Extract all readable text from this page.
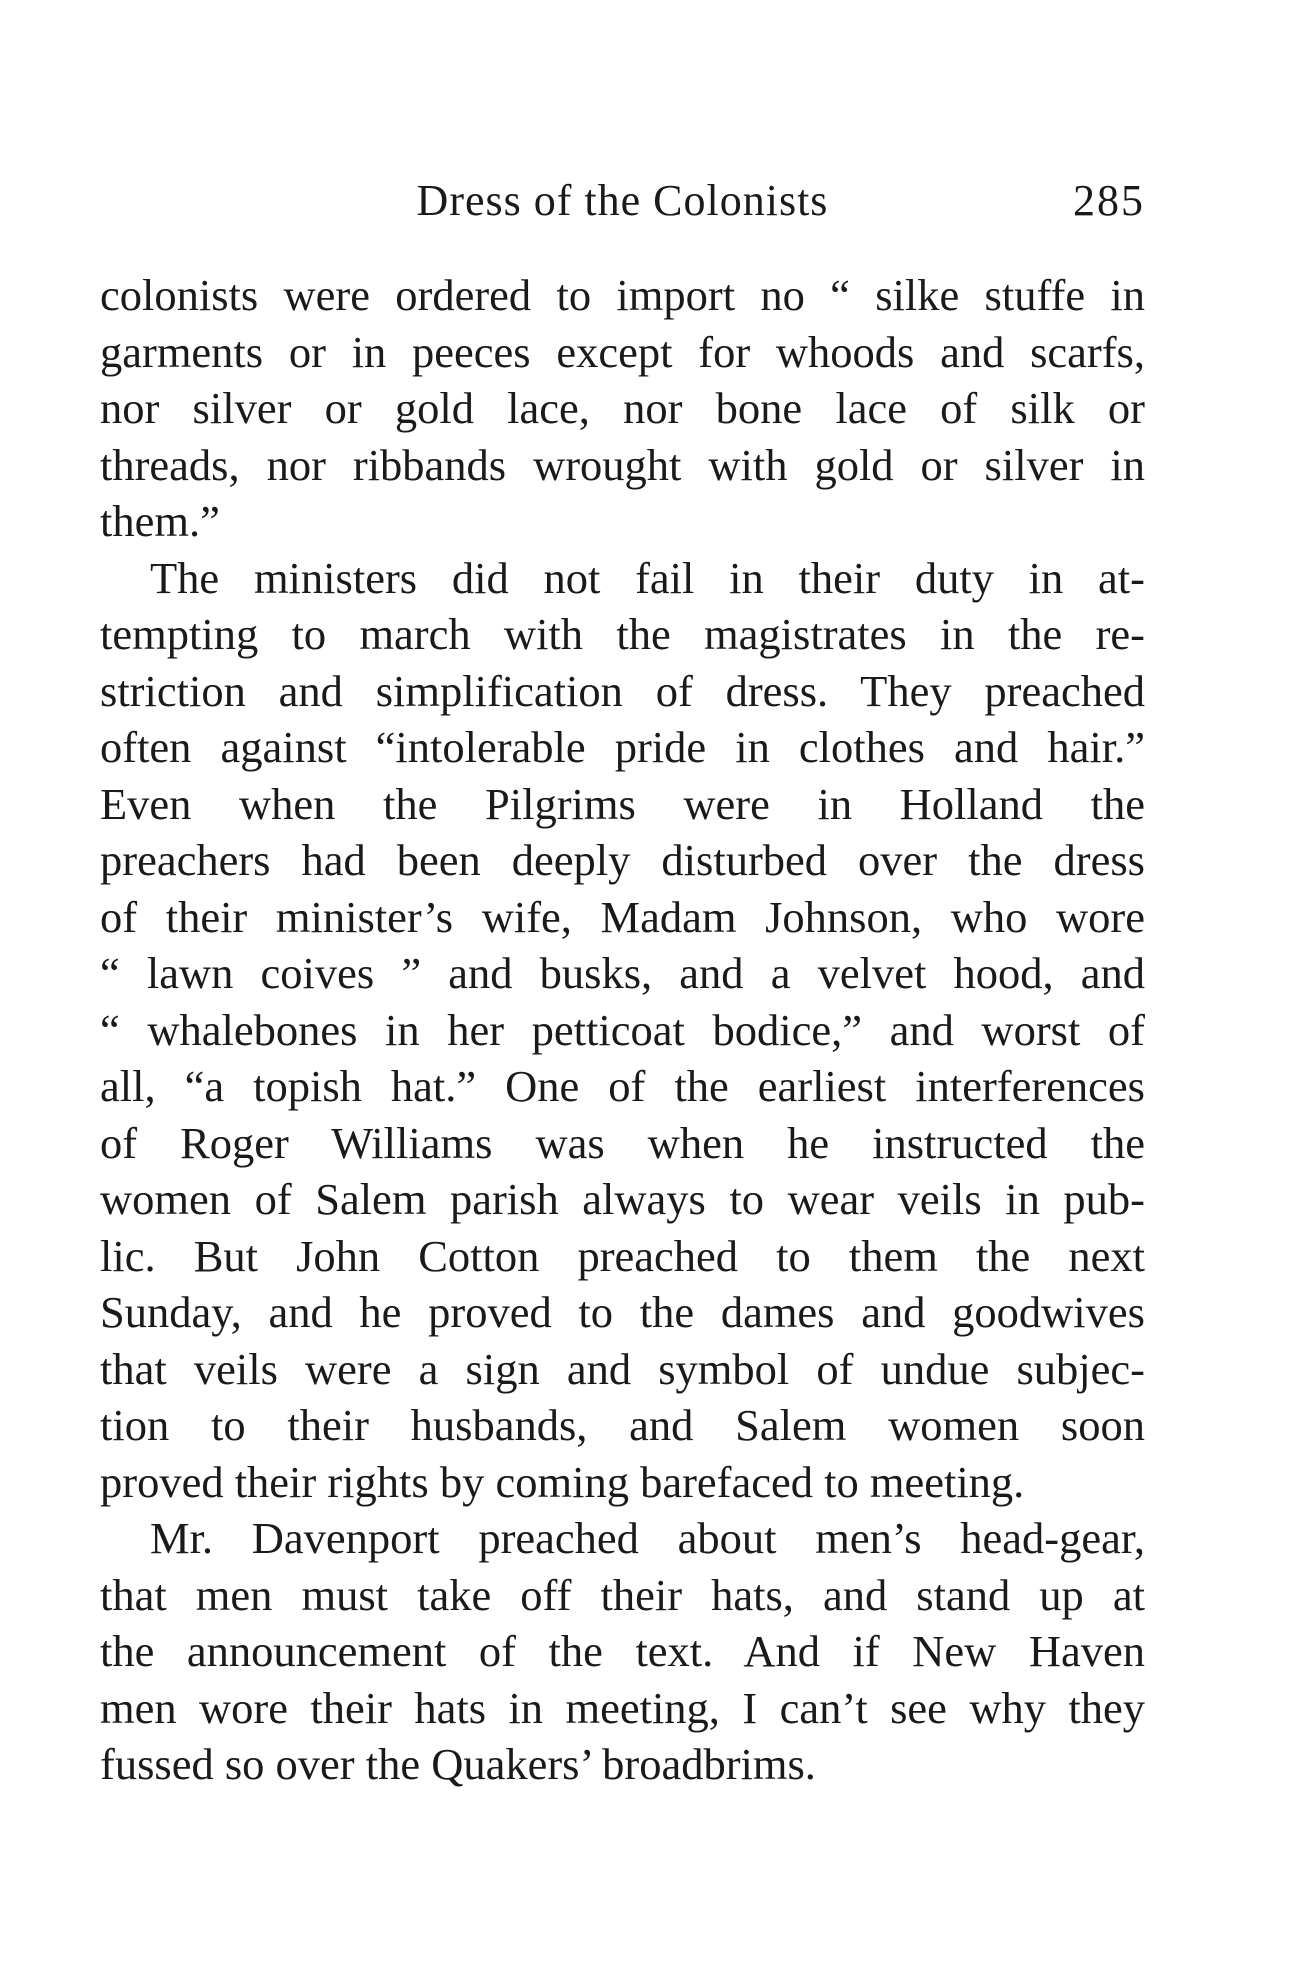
Dress of the Colonists	285
colonists were ordered to import no “ silke stuffe in
garments or in peeces except for whoods and scarfs,
nor silver or gold lace, nor bone lace of silk or
threads, nor ribbands wrought with gold or silver in
them.”
The ministers did not fail in their duty in at-
tempting to march with the magistrates in the re-
striction and simplification of dress. They preached
often against “intolerable pride in clothes and hair.”
Even when the Pilgrims were in Holland the
preachers had been deeply disturbed over the dress
of their minister’s wife, Madam Johnson, who wore
“ lawn coives ” and busks, and a velvet hood, and
“ whalebones in her petticoat bodice,” and worst of
all, “a topish hat.” One of the earliest interferences
of Roger Williams was when he instructed the
women of Salem parish always to wear veils in pub-
lic. But John Cotton preached to them the next
Sunday, and he proved to the dames and goodwives
that veils were a sign and symbol of undue subjec-
tion to their husbands, and Salem women soon
proved their rights by coming barefaced to meeting.
Mr. Davenport preached about men’s head-gear,
that men must take off their hats, and stand up at
the announcement of the text. And if New Haven
men wore their hats in meeting, I can’t see why they
fussed so over the Quakers’ broadbrims.
